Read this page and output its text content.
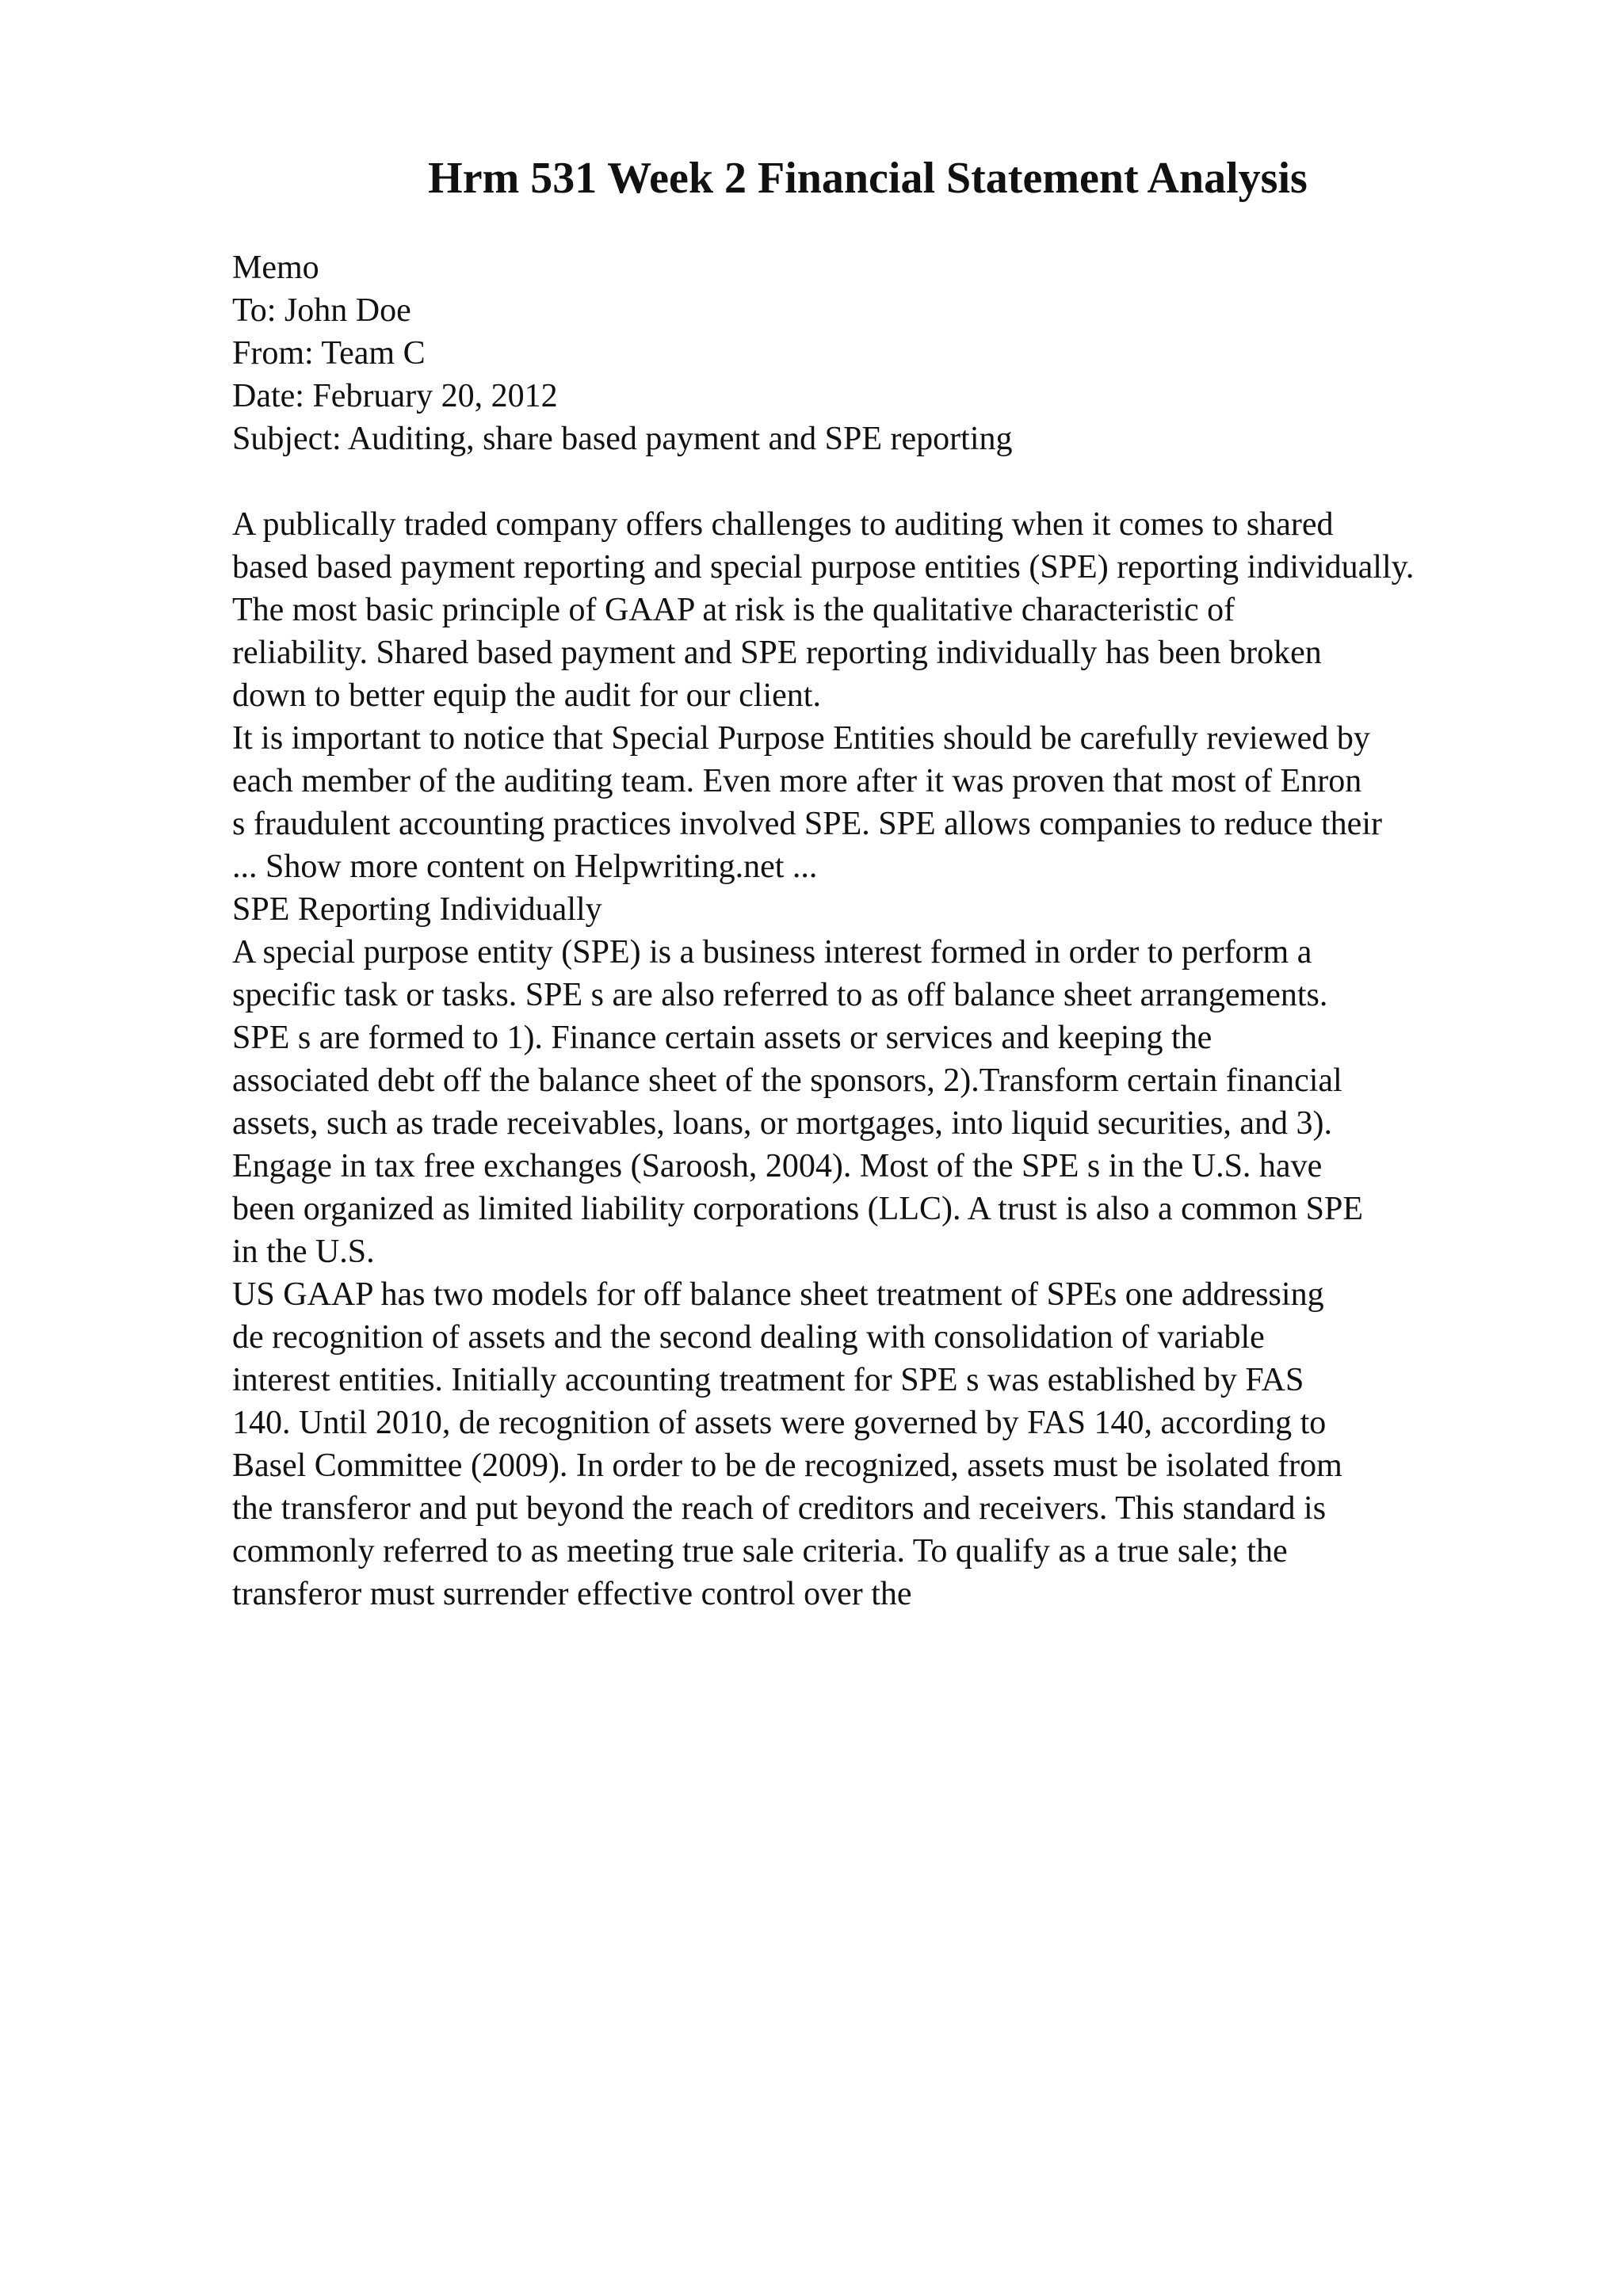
Hrm 531 Week 2 Financial Statement Analysis
Memo
To: John Doe
From: Team C
Date: February 20, 2012
Subject: Auditing, share based payment and SPE reporting
A publically traded company offers challenges to auditing when it comes to shared
based based payment reporting and special purpose entities (SPE) reporting individually.
The most basic principle of GAAP at risk is the qualitative characteristic of
reliability. Shared based payment and SPE reporting individually has been broken
down to better equip the audit for our client.
It is important to notice that Special Purpose Entities should be carefully reviewed by
each member of the auditing team. Even more after it was proven that most of Enron
s fraudulent accounting practices involved SPE. SPE allows companies to reduce their
... Show more content on Helpwriting.net ...
SPE Reporting Individually
A special purpose entity (SPE) is a business interest formed in order to perform a
specific task or tasks. SPE s are also referred to as off balance sheet arrangements.
SPE s are formed to 1). Finance certain assets or services and keeping the
associated debt off the balance sheet of the sponsors, 2).Transform certain financial
assets, such as trade receivables, loans, or mortgages, into liquid securities, and 3).
Engage in tax free exchanges (Saroosh, 2004). Most of the SPE s in the U.S. have
been organized as limited liability corporations (LLC). A trust is also a common SPE
in the U.S.
US GAAP has two models for off balance sheet treatment of SPEs one addressing
de recognition of assets and the second dealing with consolidation of variable
interest entities. Initially accounting treatment for SPE s was established by FAS
140. Until 2010, de recognition of assets were governed by FAS 140, according to
Basel Committee (2009). In order to be de recognized, assets must be isolated from
the transferor and put beyond the reach of creditors and receivers. This standard is
commonly referred to as meeting true sale criteria. To qualify as a true sale; the
transferor must surrender effective control over the
